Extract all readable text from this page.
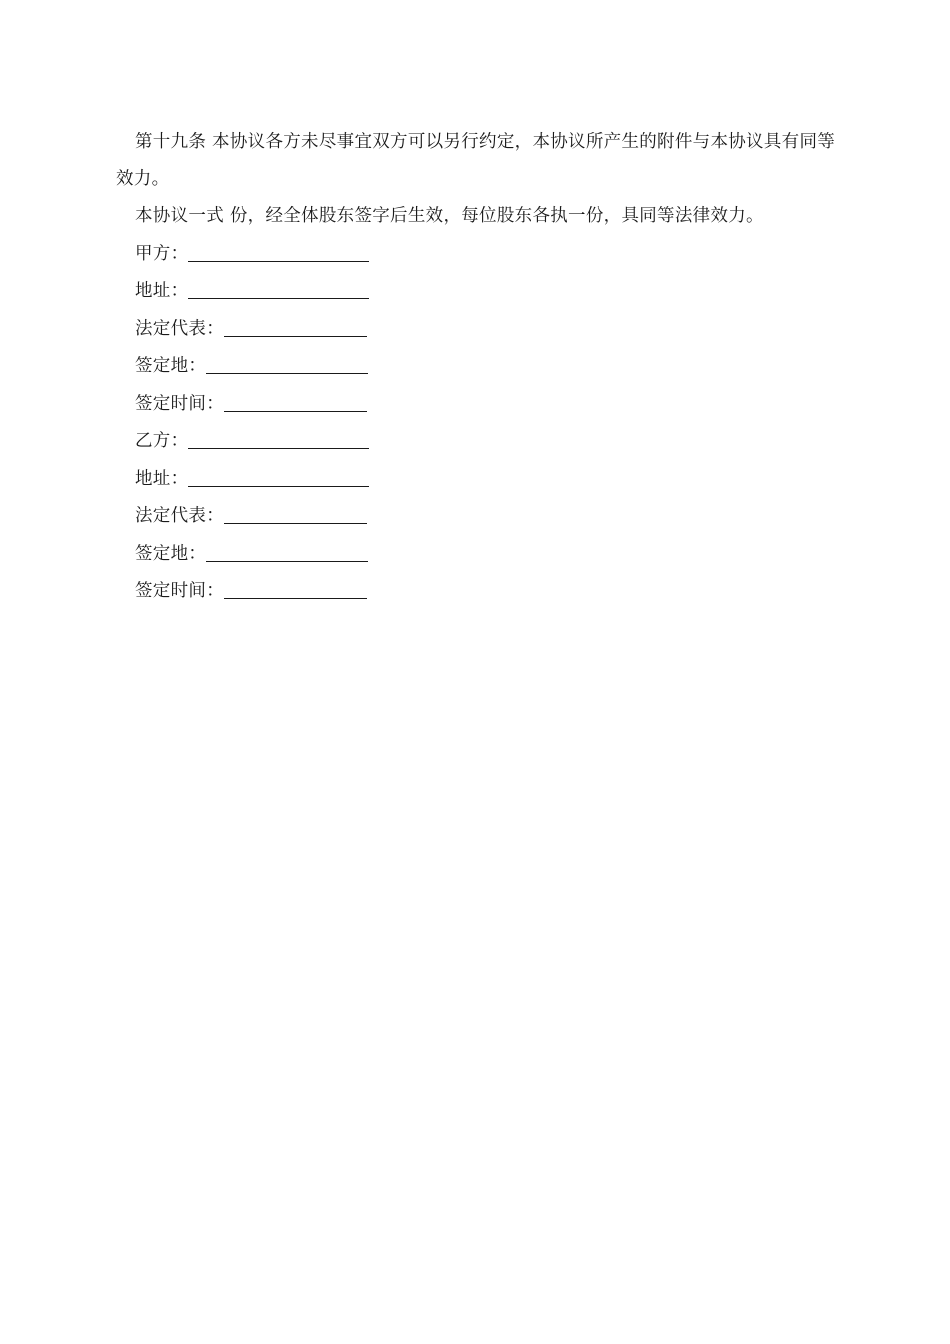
第十九条 本协议各方未尽事宜双方可以另行约定，本协议所产生的附件与本协议具有同等效力。

本协议一式 份，经全体股东签字后生效，每位股东各执一份，具同等法律效力。

甲方：
地址：
法定代表：
签定地：
签定时间：
乙方：
地址：
法定代表：
签定地：
签定时间：
